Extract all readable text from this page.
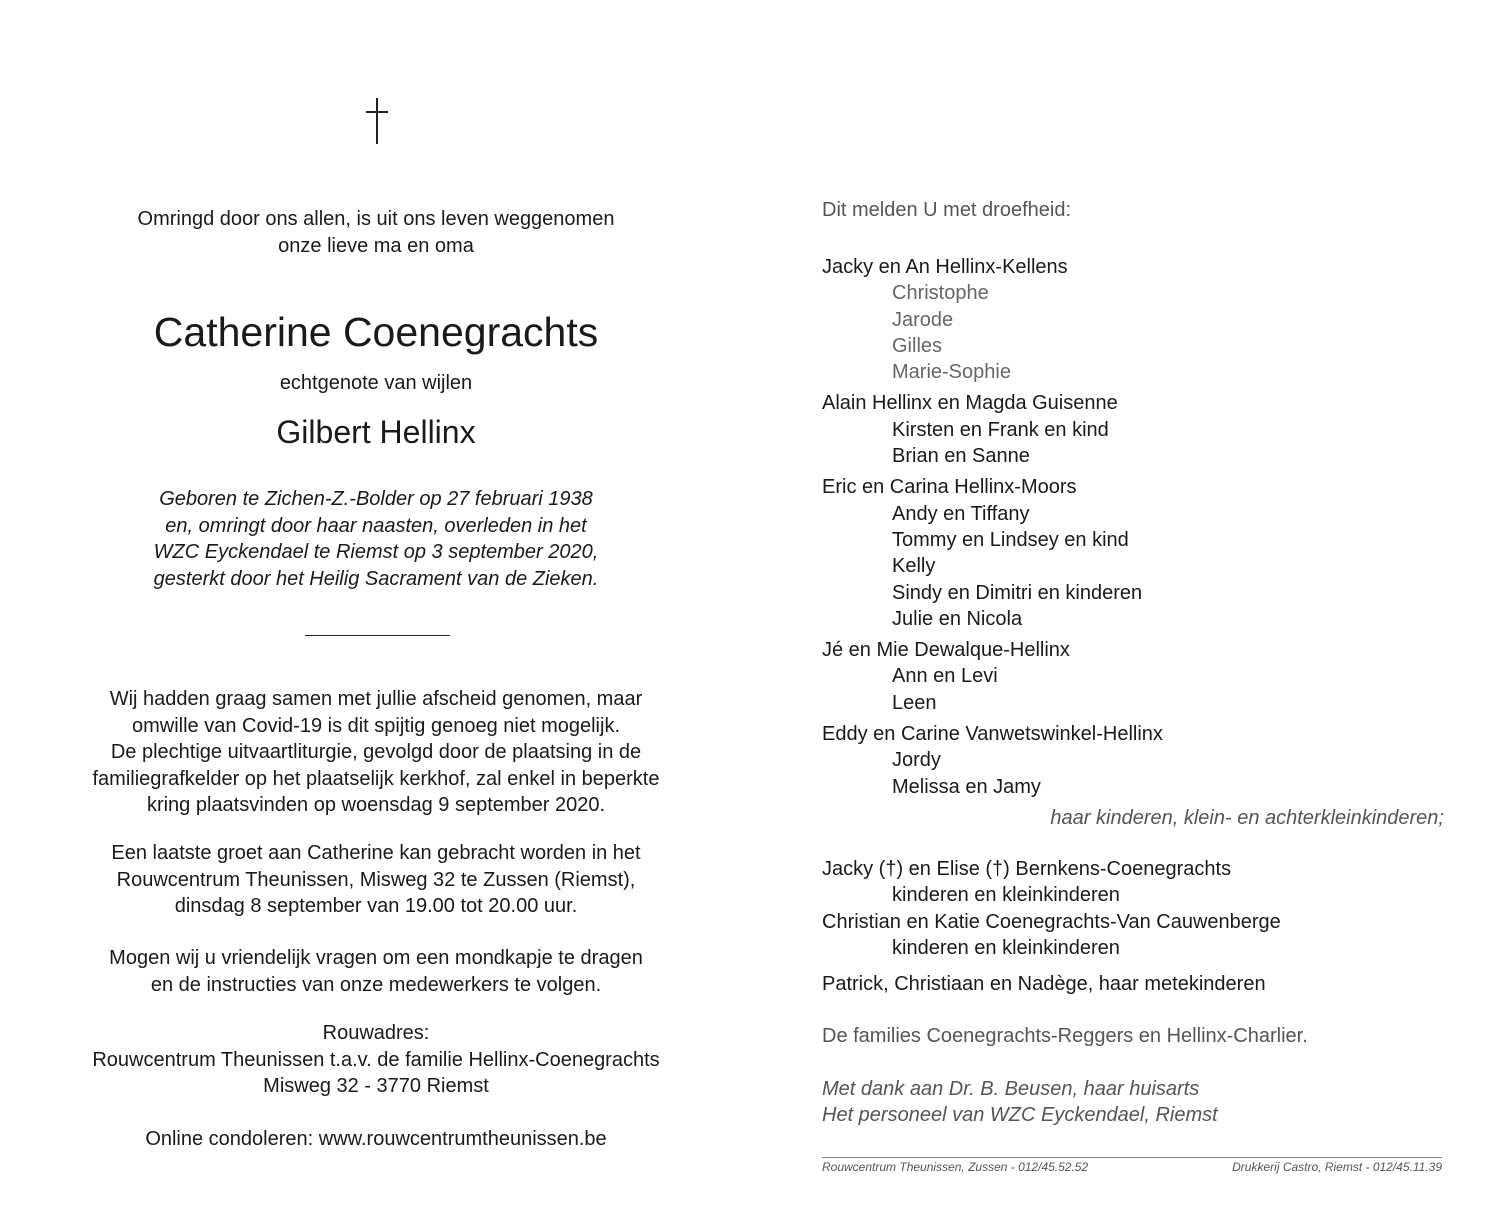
Omringd door ons allen, is uit ons leven weggenomen
onze lieve ma en oma
Catherine Coenegrachts
echtgenote van wijlen
Gilbert Hellinx
Geboren te Zichen-Z.-Bolder op 27 februari 1938
en, omringt door haar naasten, overleden in het
WZC Eyckendael te Riemst op 3 september 2020,
gesterkt door het Heilig Sacrament van de Zieken.
Wij hadden graag samen met jullie afscheid genomen, maar
omwille van Covid-19 is dit spijtig genoeg niet mogelijk.
De plechtige uitvaartliturgie, gevolgd door de plaatsing in de
familiegrafkelder op het plaatselijk kerkhof, zal enkel in beperkte
kring plaatsvinden op woensdag 9 september 2020.
Een laatste groet aan Catherine kan gebracht worden in het
Rouwcentrum Theunissen, Misweg 32 te Zussen (Riemst),
dinsdag 8 september van 19.00 tot 20.00 uur.
Mogen wij u vriendelijk vragen om een mondkapje te dragen
en de instructies van onze medewerkers te volgen.
Rouwadres:
Rouwcentrum Theunissen t.a.v. de familie Hellinx-Coenegrachts
Misweg 32 - 3770 Riemst
Online condoleren: www.rouwcentrumtheunissen.be
Dit melden U met droefheid:
Jacky en An Hellinx-Kellens
Christophe
Jarode
Gilles
Marie-Sophie
Alain Hellinx en Magda Guisenne
Kirsten en Frank en kind
Brian en Sanne
Eric en Carina Hellinx-Moors
Andy en Tiffany
Tommy en Lindsey en kind
Kelly
Sindy en Dimitri en kinderen
Julie en Nicola
Jé en Mie Dewalque-Hellinx
Ann en Levi
Leen
Eddy en Carine Vanwetswinkel-Hellinx
Jordy
Melissa en Jamy
haar kinderen, klein- en achterkleinkinderen;
Jacky (†) en Elise (†) Bernkens-Coenegrachts
kinderen en kleinkinderen
Christian en Katie Coenegrachts-Van Cauwenberge
kinderen en kleinkinderen
Patrick, Christiaan en Nadège, haar metekinderen
De families Coenegrachts-Reggers en Hellinx-Charlier.
Met dank aan Dr. B. Beusen, haar huisarts
Het personeel van WZC Eyckendael, Riemst
Rouwcentrum Theunissen, Zussen - 012/45.52.52	Drukkerij Castro, Riemst - 012/45.11.39
